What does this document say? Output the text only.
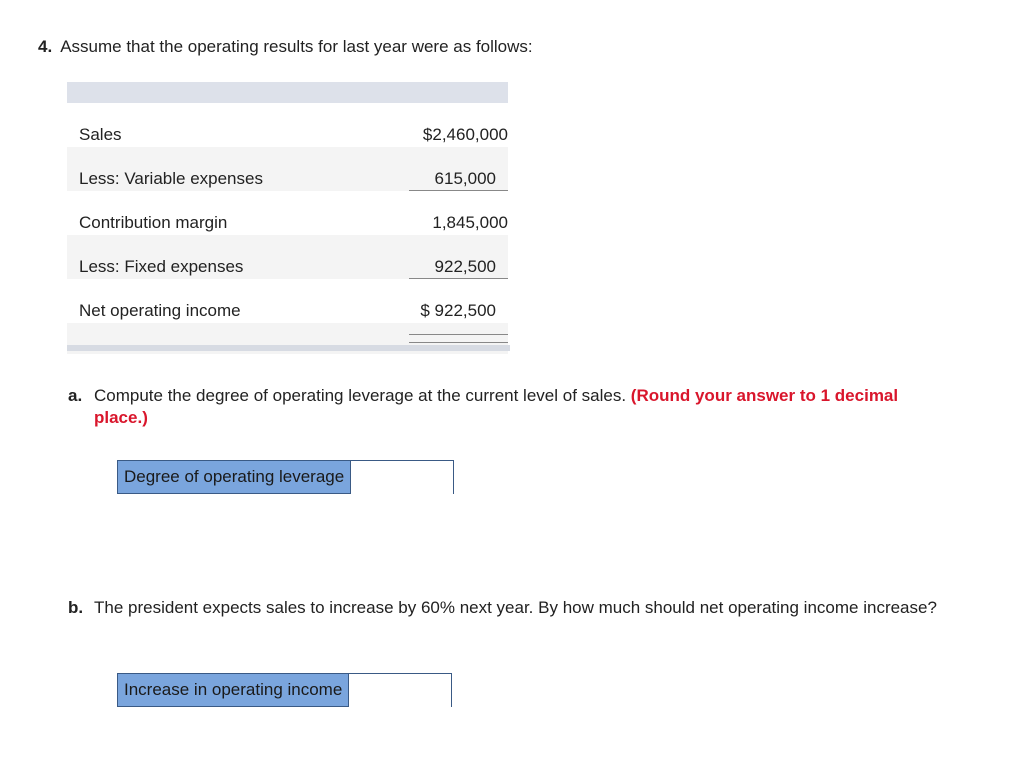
4. Assume that the operating results for last year were as follows:
Sales	$2,460,000
Less: Variable expenses	615,000
Contribution margin	1,845,000
Less: Fixed expenses	922,500
Net operating income	$ 922,500
a. Compute the degree of operating leverage at the current level of sales. (Round your answer to 1 decimal place.)
Degree of operating leverage
b. The president expects sales to increase by 60% next year. By how much should net operating income increase?
Increase in operating income
